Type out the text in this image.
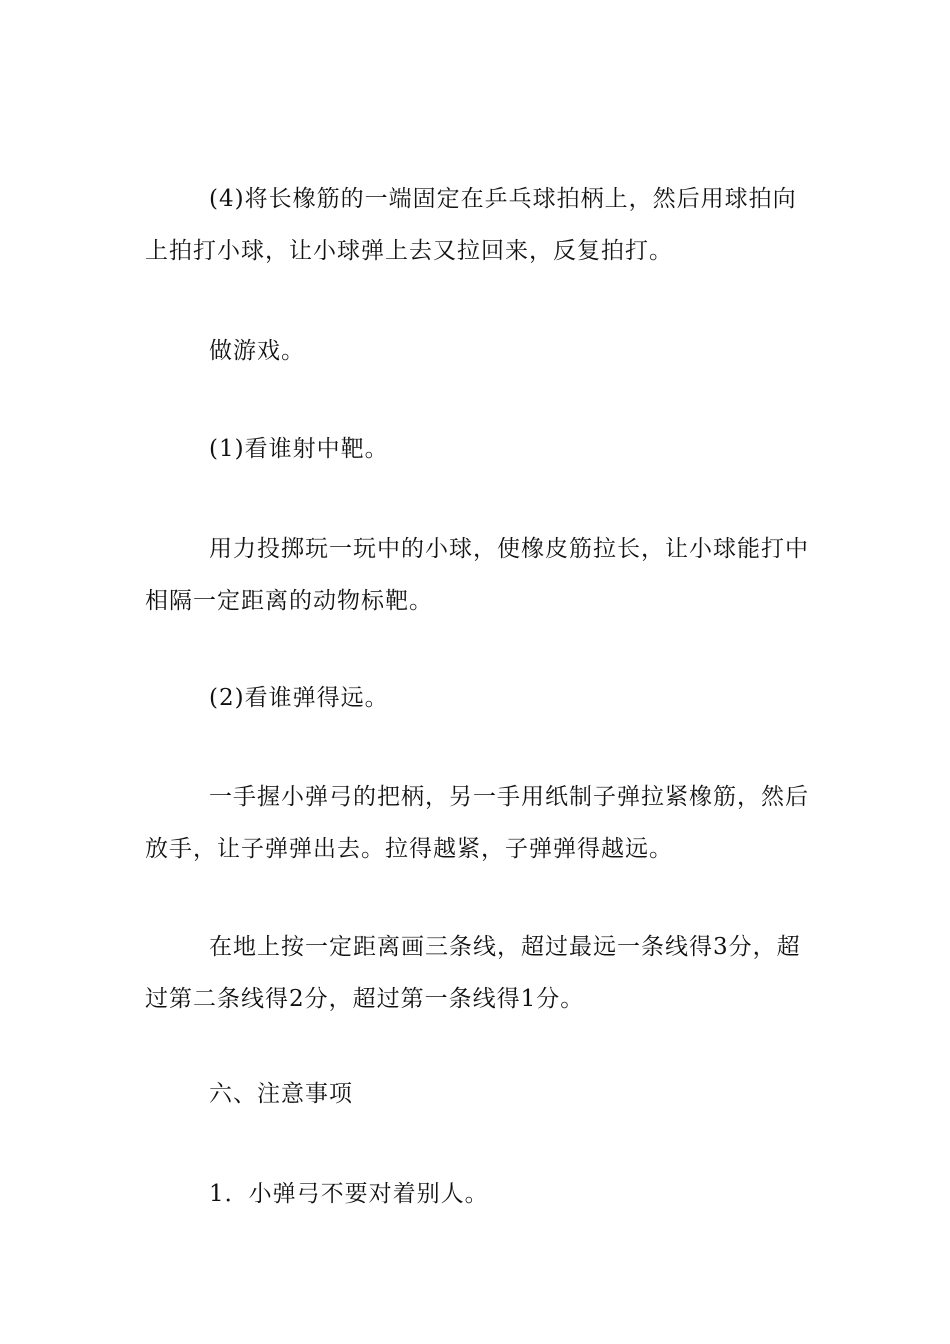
(4)将长橡筋的一端固定在乒乓球拍柄上，然后用球拍向上拍打小球，让小球弹上去又拉回来，反复拍打。

做游戏。

(1)看谁射中靶。

用力投掷玩一玩中的小球，使橡皮筋拉长，让小球能打中相隔一定距离的动物标靶。

(2)看谁弹得远。

一手握小弹弓的把柄，另一手用纸制子弹拉紧橡筋，然后放手，让子弹弹出去。拉得越紧，子弹弹得越远。

在地上按一定距离画三条线，超过最远一条线得3分，超过第二条线得2分，超过第一条线得1分。

六、注意事项

1．小弹弓不要对着别人。
